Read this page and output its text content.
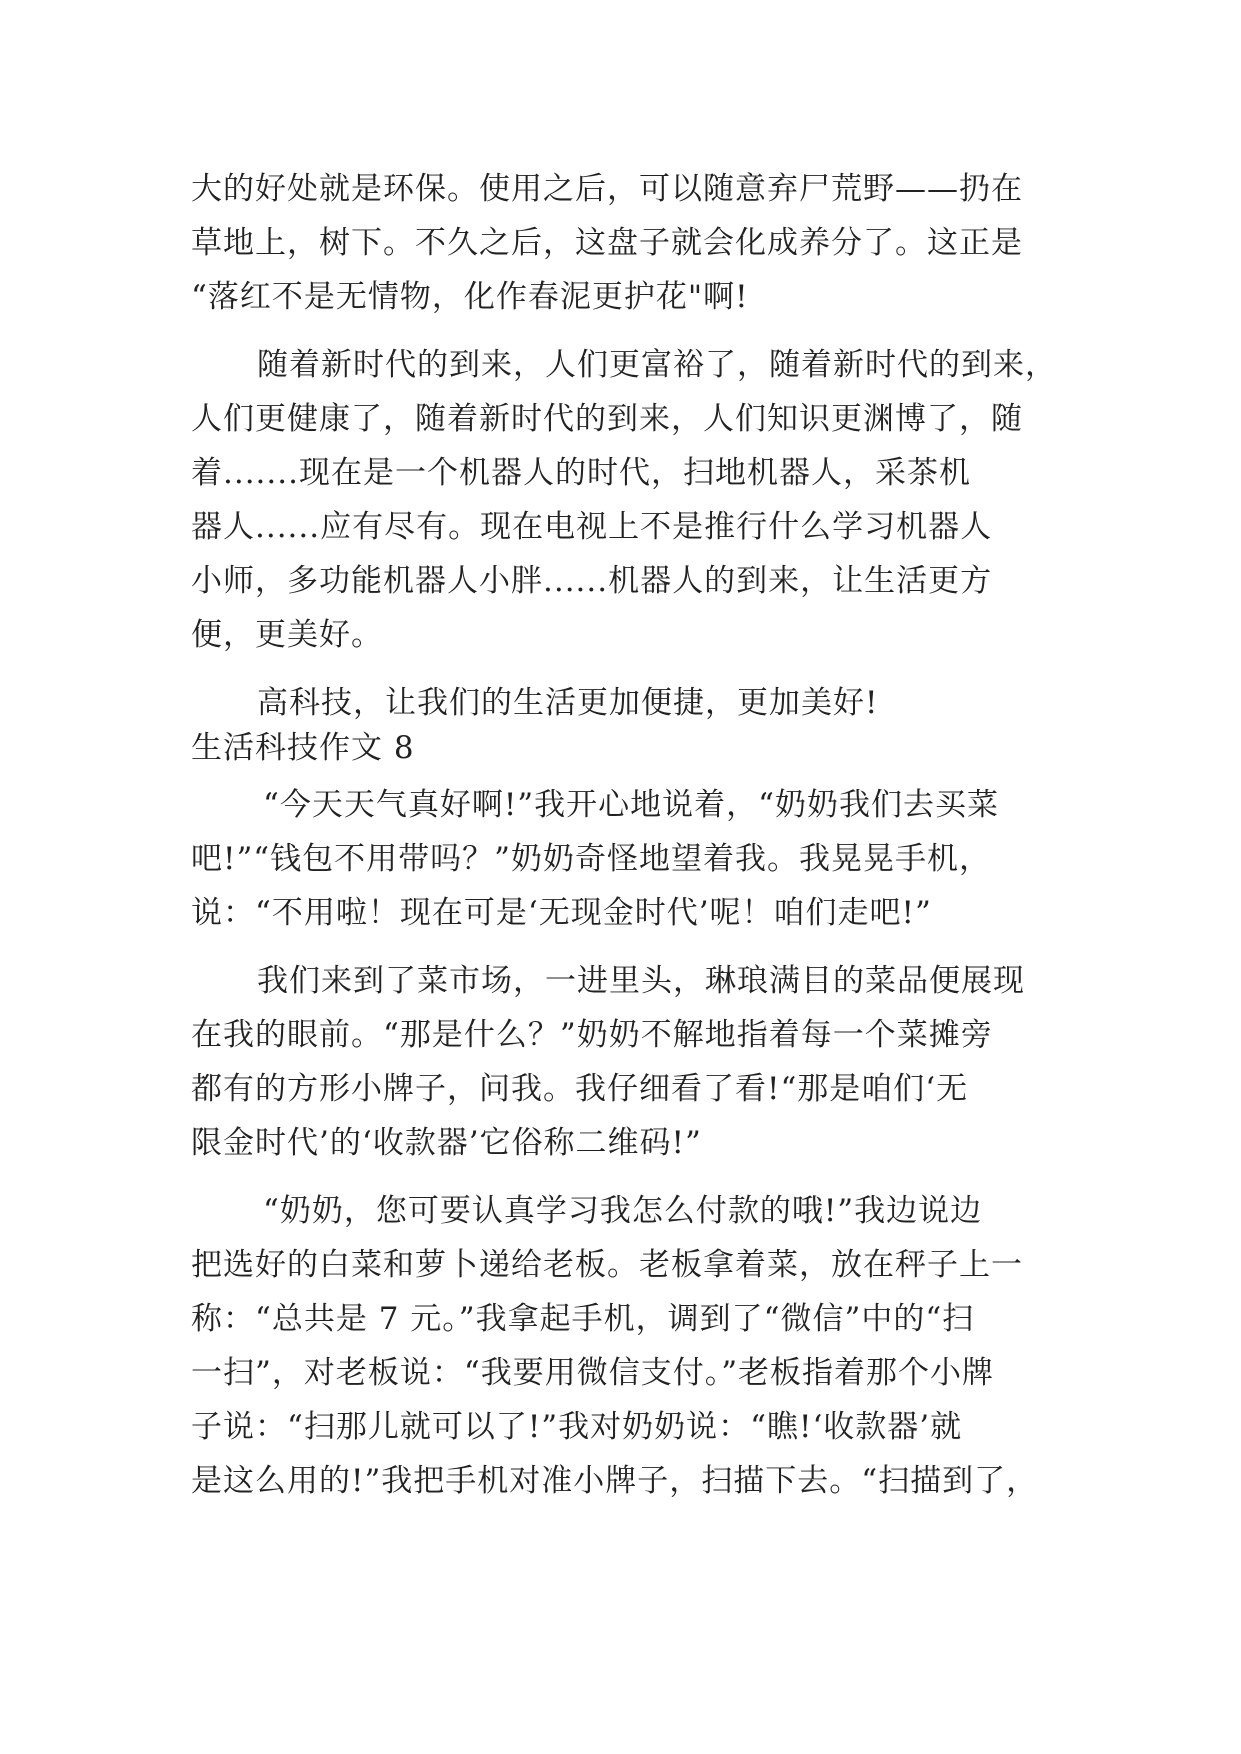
大的好处就是环保。使用之后，可以随意弃尸荒野——扔在
草地上，树下。不久之后，这盘子就会化成养分了。这正是
“落红不是无情物，化作春泥更护花"啊!
随着新时代的到来，人们更富裕了，随着新时代的到来，
人们更健康了，随着新时代的到来，人们知识更渊博了，随
着.......现在是一个机器人的时代，扫地机器人，采茶机
器人......应有尽有。现在电视上不是推行什么学习机器人
小师，多功能机器人小胖......机器人的到来，让生活更方
便，更美好。
高科技，让我们的生活更加便捷，更加美好!
生活科技作文 8
“今天天气真好啊!”我开心地说着，“奶奶我们去买菜
吧!”“钱包不用带吗？”奶奶奇怪地望着我。我晃晃手机，
说：“不用啦！现在可是‘无现金时代’呢！咱们走吧!”
我们来到了菜市场，一进里头，琳琅满目的菜品便展现
在我的眼前。“那是什么？”奶奶不解地指着每一个菜摊旁
都有的方形小牌子，问我。我仔细看了看!“那是咱们‘无
限金时代’的‘收款器’它俗称二维码!”
“奶奶，您可要认真学习我怎么付款的哦!”我边说边
把选好的白菜和萝卜递给老板。老板拿着菜，放在秤子上一
称：“总共是 7 元。”我拿起手机，调到了“微信”中的“扫
一扫”，对老板说：“我要用微信支付。”老板指着那个小牌
子说：“扫那儿就可以了!”我对奶奶说：“瞧!‘收款器’就
是这么用的!”我把手机对准小牌子，扫描下去。“扫描到了，
